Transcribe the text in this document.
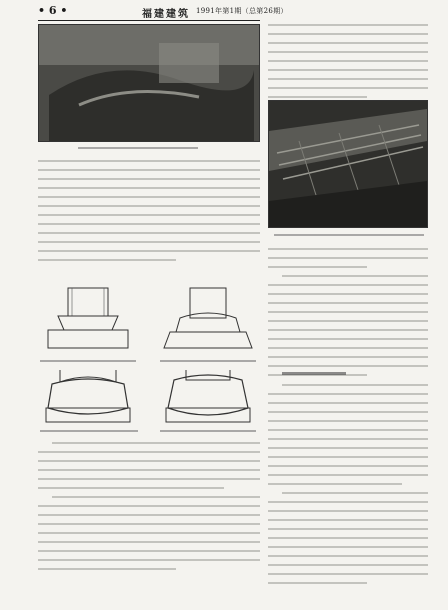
• 6 •	福建建筑 1991年第1期（总第26期）
